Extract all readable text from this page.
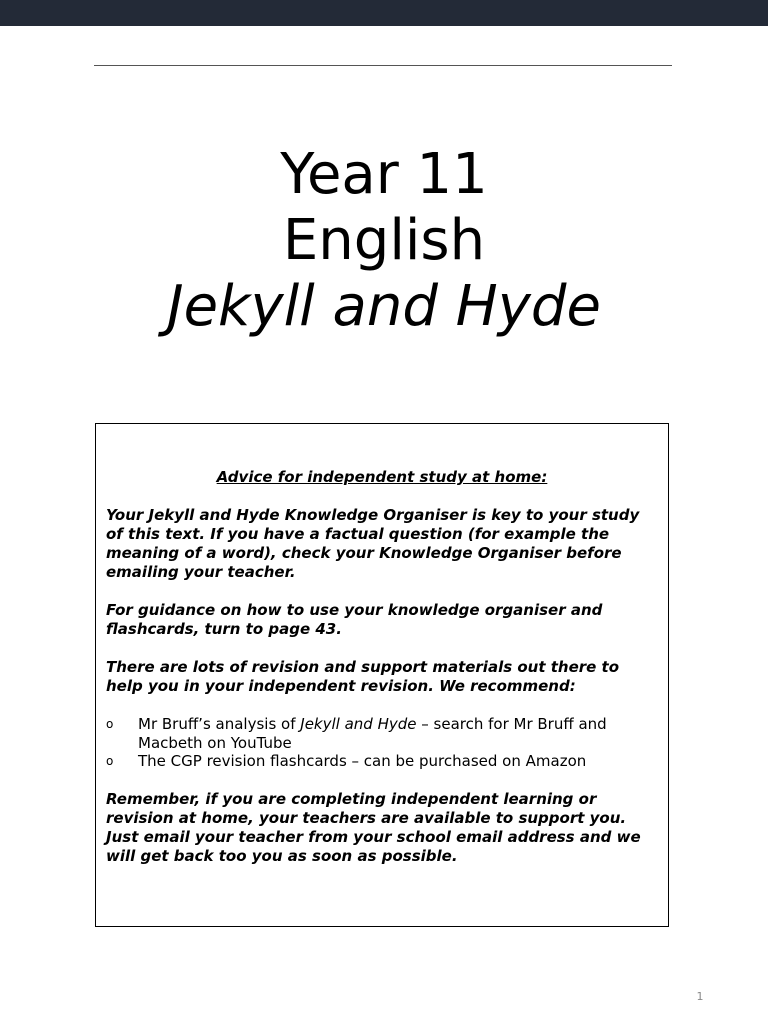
Year 11
English
Jekyll and Hyde

Advice for independent study at home:

Your Jekyll and Hyde Knowledge Organiser is key to your study of this text. If you have a factual question (for example the meaning of a word), check your Knowledge Organiser before emailing your teacher.

For guidance on how to use your knowledge organiser and flashcards, turn to page 43.

There are lots of revision and support materials out there to help you in your independent revision. We recommend:

o Mr Bruff’s analysis of Jekyll and Hyde – search for Mr Bruff and Macbeth on YouTube
o The CGP revision flashcards – can be purchased on Amazon

Remember, if you are completing independent learning or revision at home, your teachers are available to support you. Just email your teacher from your school email address and we will get back too you as soon as possible.

1
